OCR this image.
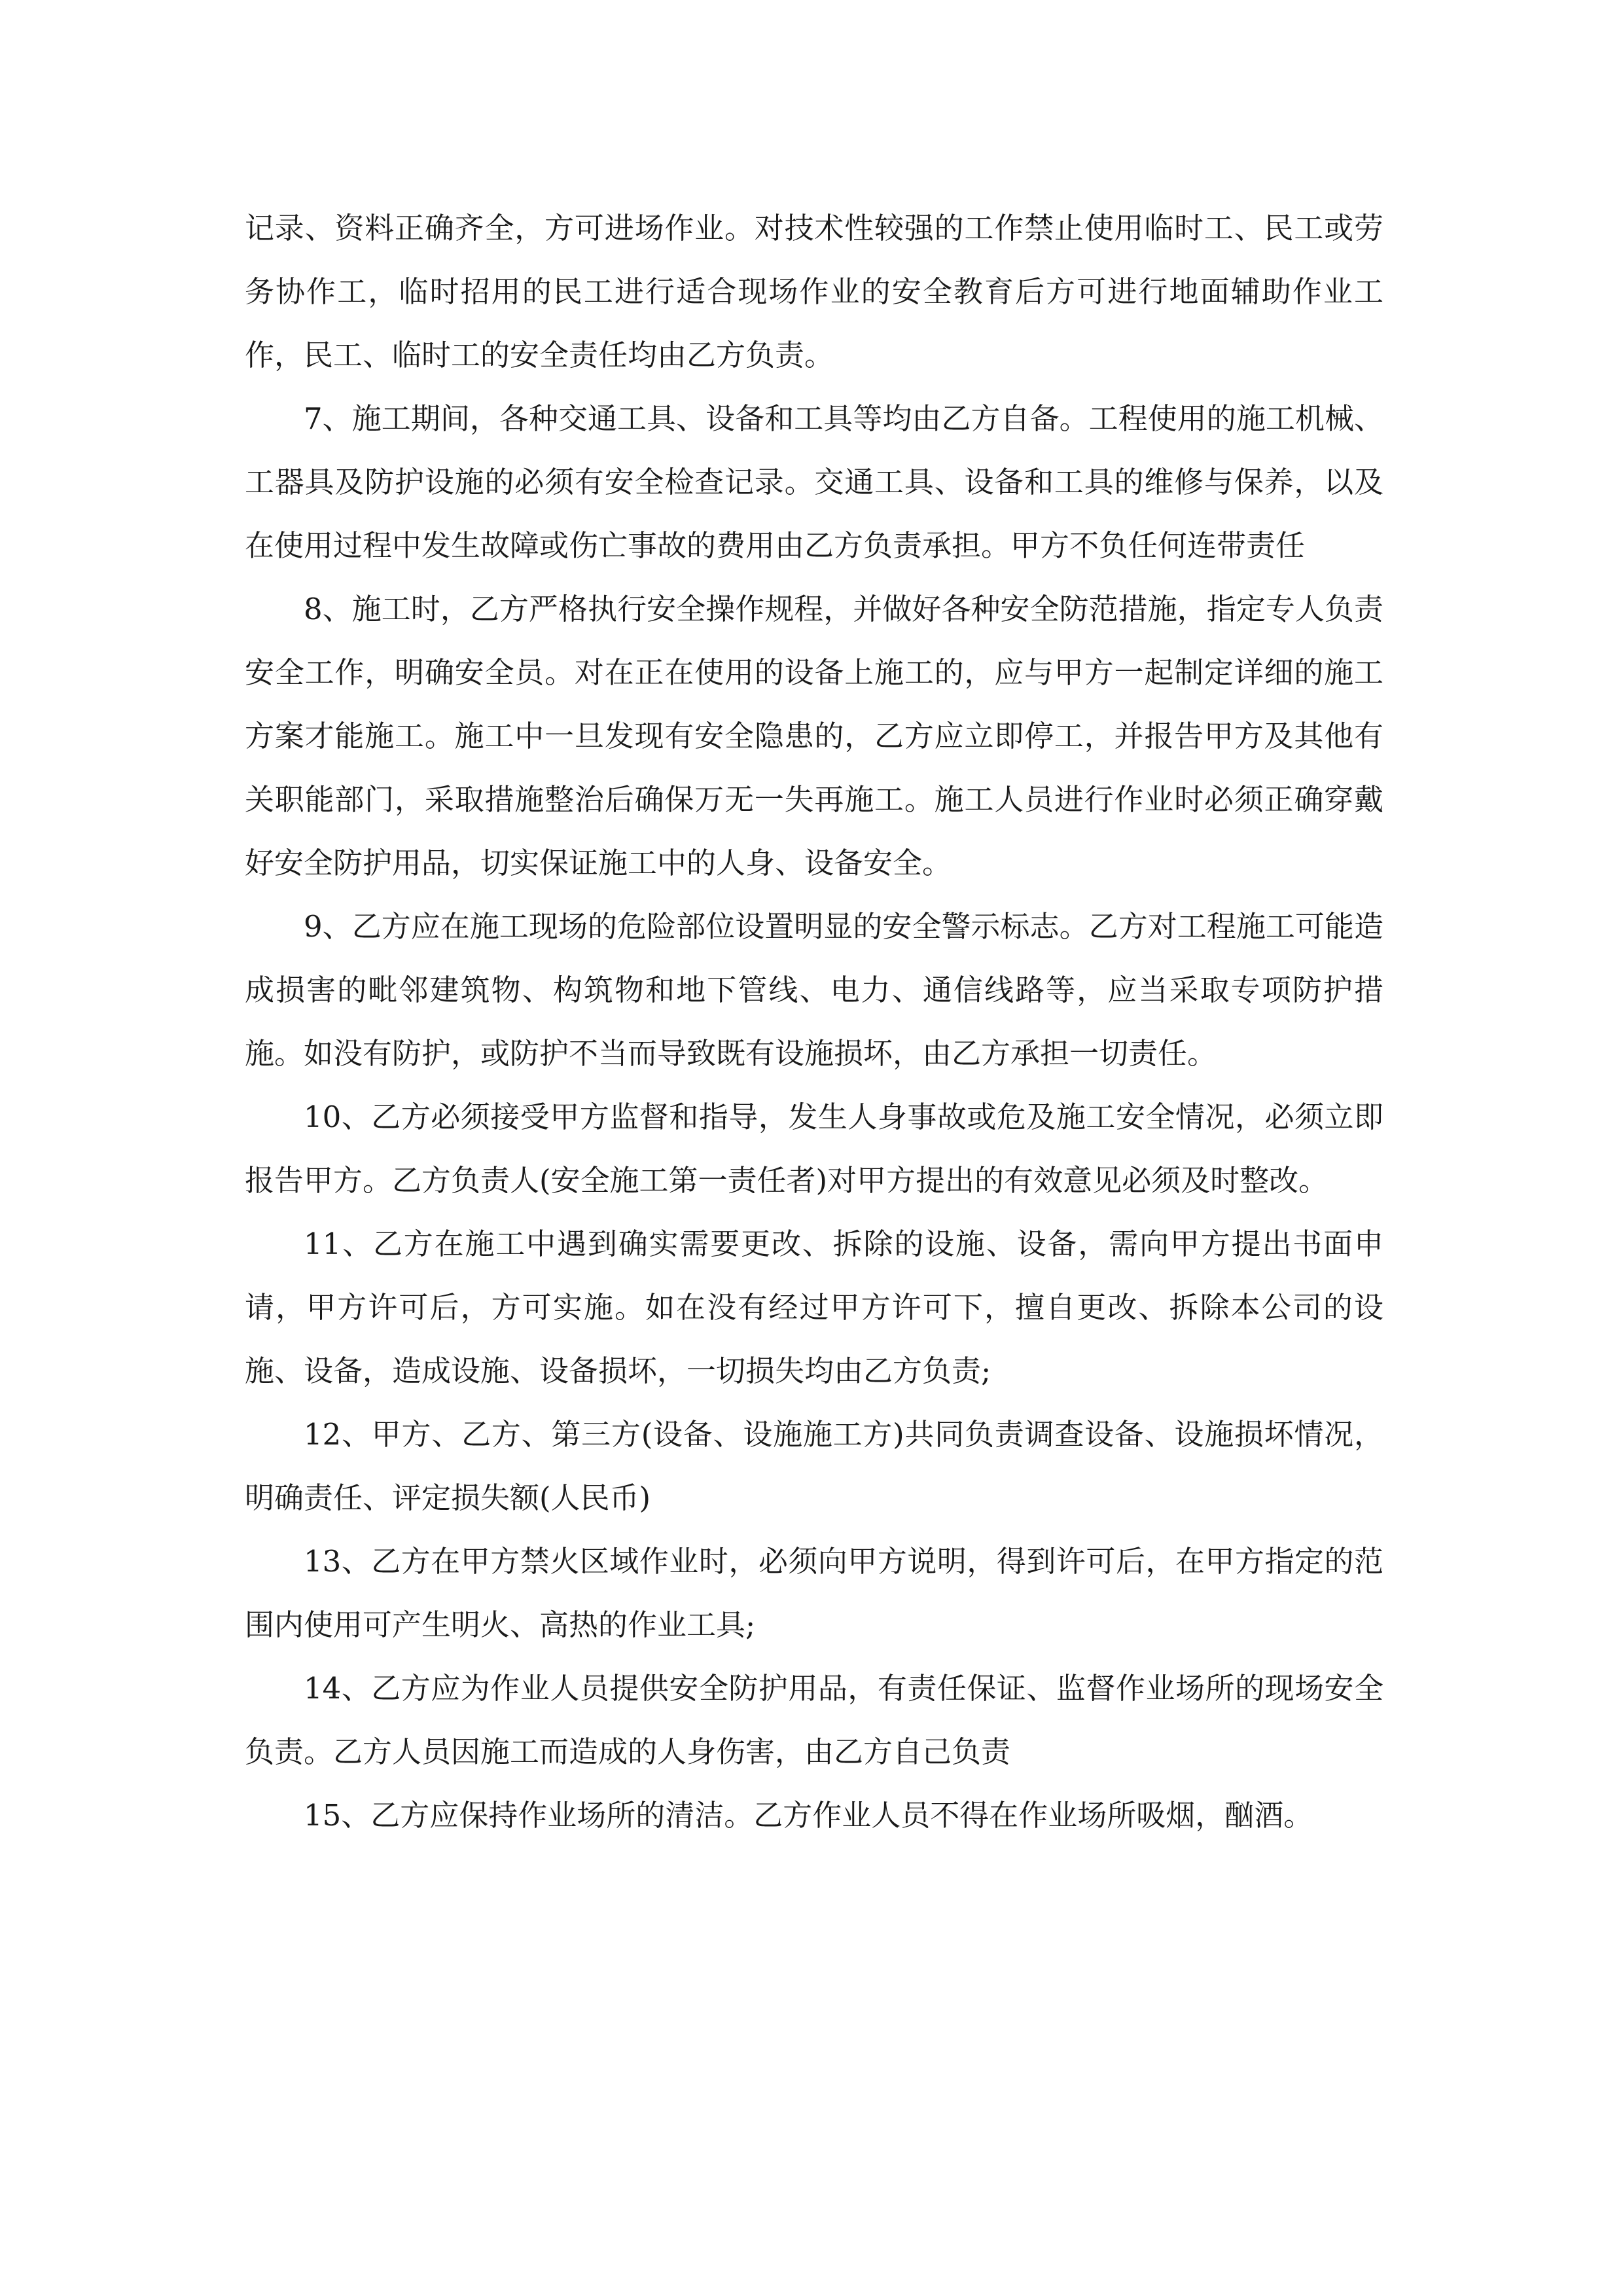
记录、资料正确齐全，方可进场作业。对技术性较强的工作禁止使用临时工、民工或劳务协作工，临时招用的民工进行适合现场作业的安全教育后方可进行地面辅助作业工作，民工、临时工的安全责任均由乙方负责。

7、施工期间，各种交通工具、设备和工具等均由乙方自备。工程使用的施工机械、工器具及防护设施的必须有安全检查记录。交通工具、设备和工具的维修与保养，以及 在使用过程中发生故障或伤亡事故的费用由乙方负责承担。甲方不负任何连带责任

8、施工时，乙方严格执行安全操作规程，并做好各种安全防范措施，指定专人负责安全工作，明确安全员。对在正在使用的设备上施工的，应与甲方一起制定详细的施工方案才能施工。施工中一旦发现有安全隐患的，乙方应立即停工，并报告甲方及其他有关职能部门，采取措施整治后确保万无一失再施工。施工人员进行作业时必须正确穿戴好安全防护用品，切实保证施工中的人身、设备安全。

9、乙方应在施工现场的危险部位设置明显的安全警示标志。乙方对工程施工可能造成损害的毗邻建筑物、构筑物和地下管线、电力、通信线路等，应当采取专项防护措施。如没有防护，或防护不当而导致既有设施损坏，由乙方承担一切责任。

10、乙方必须接受甲方监督和指导，发生人身事故或危及施工安全情况，必须立即报告甲方。乙方负责人(安全施工第一责任者)对甲方提出的有效意见必须及时整改。

11、乙方在施工中遇到确实需要更改、拆除的设施、设备，需向甲方提出书面申请，甲方许可后，方可实施。如在没有经过甲方许可下，擅自更改、拆除本公司的设施、设备，造成设施、设备损坏，一切损失均由乙方负责;

12、甲方、乙方、第三方(设备、设施施工方)共同负责调查设备、设施损坏情况，明确责任、评定损失额(人民币)

13、乙方在甲方禁火区域作业时，必须向甲方说明，得到许可后，在甲方指定的范围内使用可产生明火、高热的作业工具;

14、乙方应为作业人员提供安全防护用品，有责任保证、监督作业场所的现场安全负责。乙方人员因施工而造成的人身伤害，由乙方自己负责

15、乙方应保持作业场所的清洁。乙方作业人员不得在作业场所吸烟，酗酒。
